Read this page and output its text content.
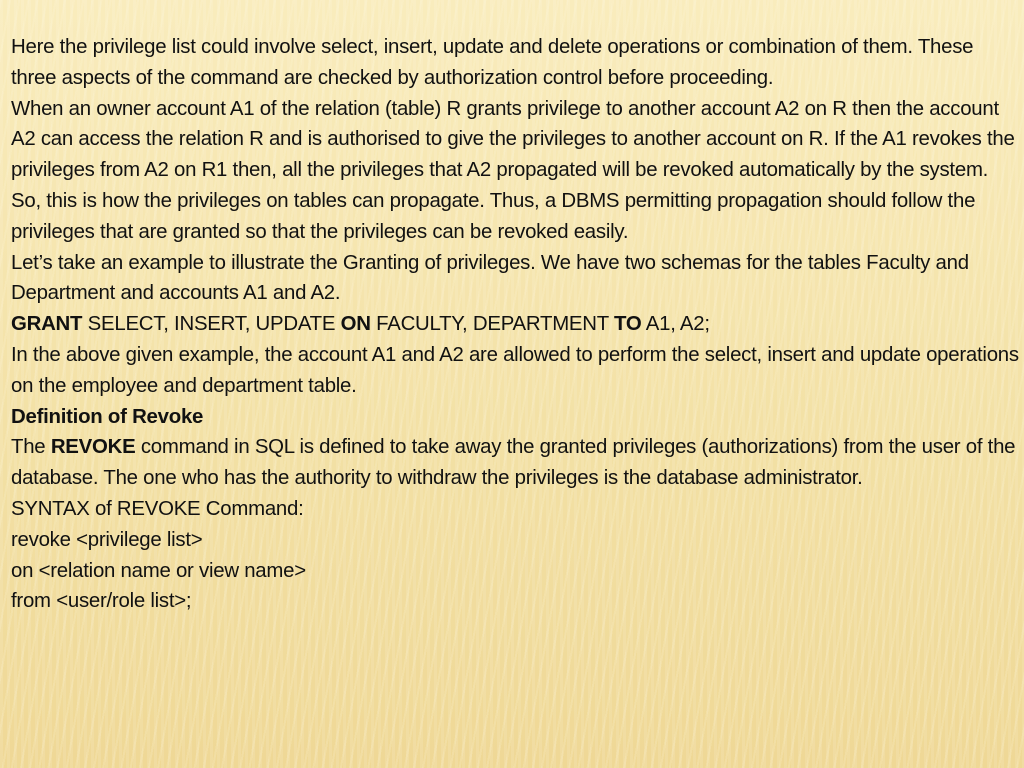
Here the privilege list could involve select, insert, update and delete operations or combination of them. These three aspects of the command are checked by authorization control before proceeding.

When an owner account A1 of the relation (table) R grants privilege to another account A2 on R then the account A2 can access the relation R and is authorised to give the privileges to another account on R. If the A1 revokes the privileges from A2 on R1 then, all the privileges that A2 propagated will be revoked automatically by the system. So, this is how the privileges on tables can propagate. Thus, a DBMS permitting propagation should follow the privileges that are granted so that the privileges can be revoked easily.

Let’s take an example to illustrate the Granting of privileges. We have two schemas for the tables Faculty and Department and accounts A1 and A2.

GRANT SELECT, INSERT, UPDATE ON FACULTY, DEPARTMENT TO A1, A2;

In the above given example, the account A1 and A2 are allowed to perform the select, insert and update operations on the employee and department table.

Definition of Revoke

The REVOKE command in SQL is defined to take away the granted privileges (authorizations) from the user of the database. The one who has the authority to withdraw the privileges is the database administrator.

SYNTAX of REVOKE Command:

revoke <privilege list>

on <relation name or view name>

from <user/role list>;
